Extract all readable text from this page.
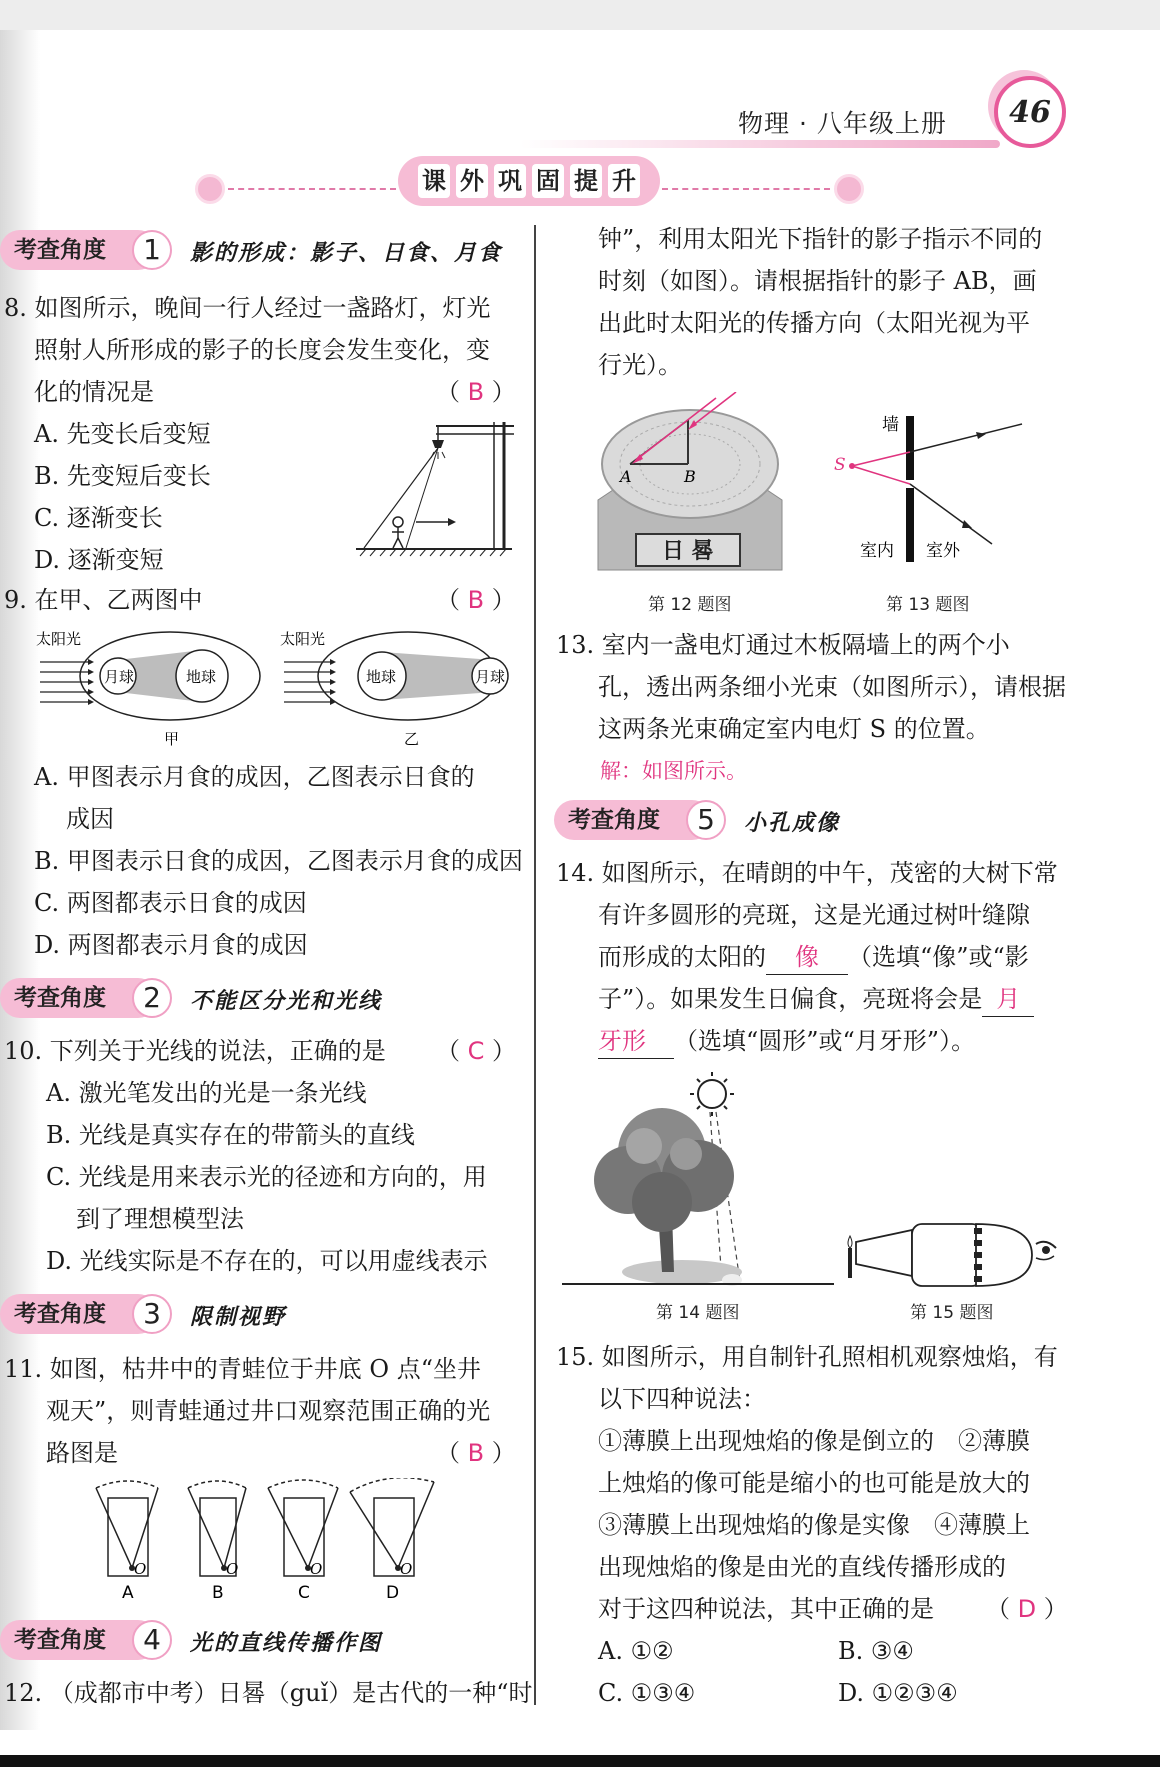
物理 · 八年级上册 46
课 外 巩 固 提 升
考查角度	1	影的形成：影子、日食、月食
8. 如图所示，晚间一行人经过一盏路灯，灯光
照射人所形成的影子的长度会发生变化，变
化的情况是	（ B ）
A. 先变长后变短
B. 先变短后变长
C. 逐渐变长
D. 逐渐变短
9. 在甲、乙两图中	（ B ）
太阳光
月球	地球
甲
太阳光
地球	月球
乙
A. 甲图表示月食的成因，乙图表示日食的
成因
B. 甲图表示日食的成因，乙图表示月食的成因
C. 两图都表示日食的成因
D. 两图都表示月食的成因
考查角度	2	不能区分光和光线
10. 下列关于光线的说法，正确的是 （ C ）
A. 激光笔发出的光是一条光线
B. 光线是真实存在的带箭头的直线
C. 光线是用来表示光的径迹和方向的，用
到了理想模型法
D. 光线实际是不存在的，可以用虚线表示
考查角度	3	限制视野
11. 如图，枯井中的青蛙位于井底 O 点“坐井
观天”，则青蛙通过井口观察范围正确的光
路图是	（ B ）
O
A
O
B
O
C
O
D
考查角度	4	光的直线传播作图
12. （成都市中考）日晷（guǐ）是古代的一种“时
钟”，利用太阳光下指针的影子指示不同的
时刻（如图）。请根据指针的影子 AB，画
出此时太阳光的传播方向（太阳光视为平
行光）。
日 晷
A	B
第 12 题图
墙
S
室内 室外
第 13 题图
13. 室内一盏电灯通过木板隔墙上的两个小
孔，透出两条细小光束（如图所示），请根据
这两条光束确定室内电灯 S 的位置。
解：如图所示。
考查角度	5	小孔成像
14. 如图所示，在晴朗的中午，茂密的大树下常
有许多圆形的亮斑，这是光通过树叶缝隙
而形成的太阳的 像 （选填“像”或“影
子”）。如果发生日偏食，亮斑将会是 月
牙形 （选填“圆形”或“月牙形”）。
第 14 题图	第 15 题图
15. 如图所示，用自制针孔照相机观察烛焰，有
以下四种说法：
①薄膜上出现烛焰的像是倒立的　②薄膜
上烛焰的像可能是缩小的也可能是放大的
③薄膜上出现烛焰的像是实像　④薄膜上
出现烛焰的像是由光的直线传播形成的
对于这四种说法，其中正确的是 （ D ）
A. ①②	B. ③④
C. ①③④	D. ①②③④
